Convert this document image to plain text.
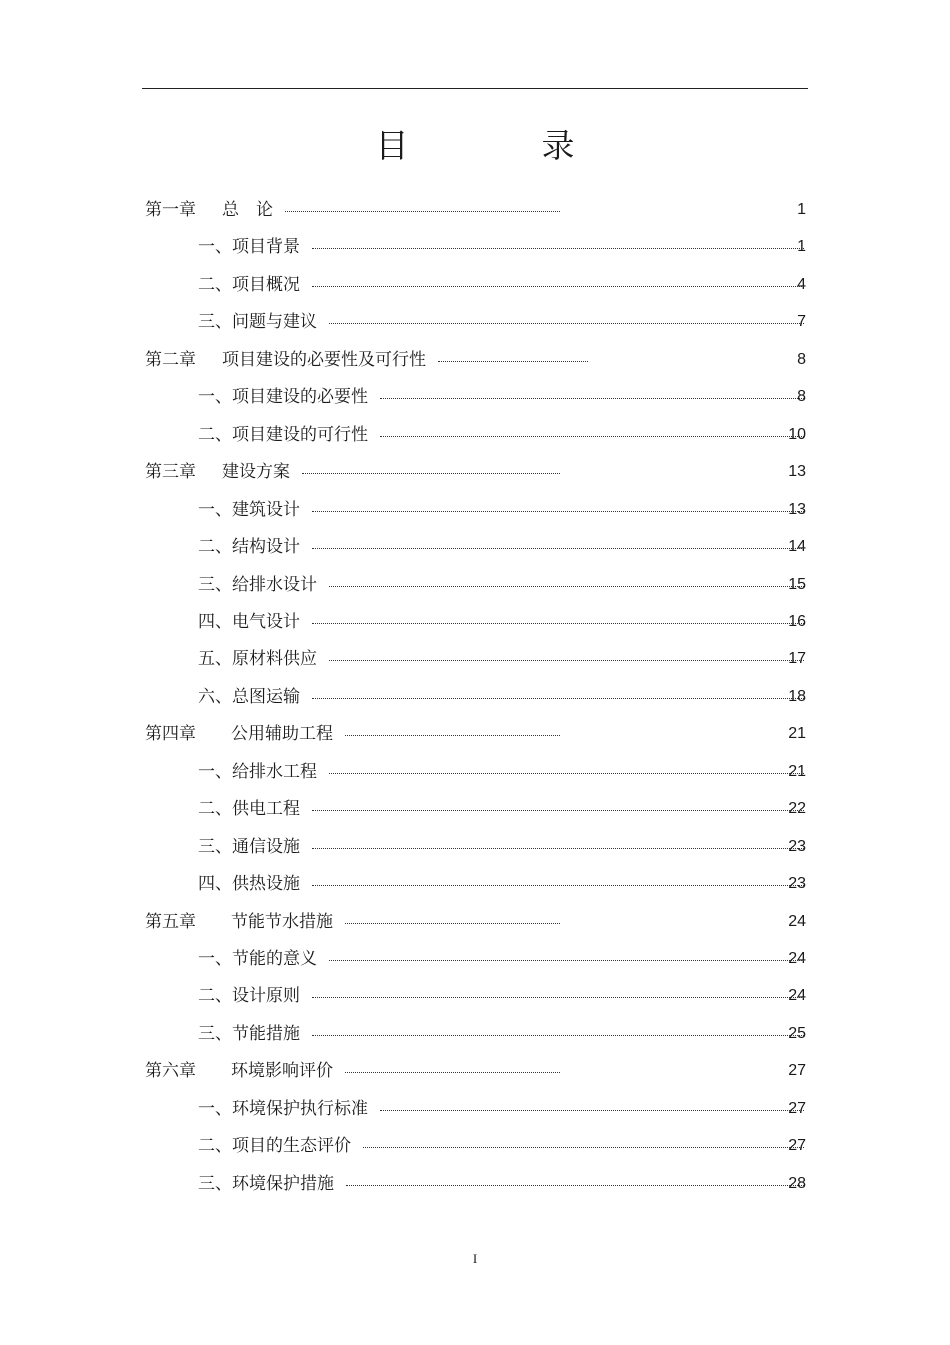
目　录
第一章 总　论	1
一、项目背景	1
二、项目概况	4
三、问题与建议	7
第二章 项目建设的必要性及可行性	8
一、项目建设的必要性	8
二、项目建设的可行性	10
第三章 建设方案	13
一、建筑设计	13
二、结构设计	14
三、给排水设计	15
四、电气设计	16
五、原材料供应	17
六、总图运输	18
第四章 公用辅助工程	21
一、给排水工程	21
二、供电工程	22
三、通信设施	23
四、供热设施	23
第五章 节能节水措施	24
一、节能的意义	24
二、设计原则	24
三、节能措施	25
第六章 环境影响评价	27
一、环境保护执行标准	27
二、项目的生态评价	27
三、环境保护措施	28
I
